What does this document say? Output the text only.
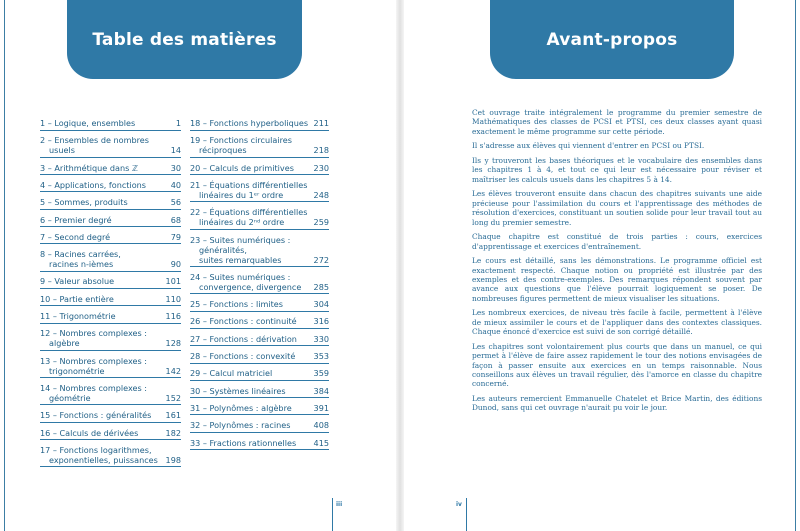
Table des matières
1 – Logique, ensembles	1
2 – Ensembles de nombres
usuels	14
3 – Arithmétique dans ℤ	30
4 – Applications, fonctions	40
5 – Sommes, produits	56
6 – Premier degré	68
7 – Second degré	79
8 – Racines carrées,
racines n-ièmes	90
9 – Valeur absolue	101
10 – Partie entière	110
11 – Trigonométrie	116
12 – Nombres complexes :
algèbre	128
13 – Nombres complexes :
trigonométrie	142
14 – Nombres complexes :
géométrie	152
15 – Fonctions : généralités 161
16 – Calculs de dérivées	182
17 – Fonctions logarithmes,
exponentielles, puissances 198
18 – Fonctions hyperboliques 211
19 – Fonctions circulaires
réciproques	218
20 – Calculs de primitives 230
21 – Équations différentielles
linéaires du 1ᵉʳ ordre	248
22 – Équations différentielles
linéaires du 2ⁿᵈ ordre	259
23 – Suites numériques :
généralités,
suites remarquables	272
24 – Suites numériques :
convergence, divergence 285
25 – Fonctions : limites	304
26 – Fonctions : continuité 316
27 – Fonctions : dérivation 330
28 – Fonctions : convexité 353
29 – Calcul matriciel	359
30 – Systèmes linéaires	384
31 – Polynômes : algèbre	391
32 – Polynômes : racines	408
33 – Fractions rationnelles 415
iii
Avant-propos

Cet ouvrage traite intégralement le programme du premier semestre de Mathématiques des classes de PCSI et PTSI, ces deux classes ayant quasi exactement le même programme sur cette période.

Il s'adresse aux élèves qui viennent d'entrer en PCSI ou PTSI.

Ils y trouveront les bases théoriques et le vocabulaire des ensembles dans les chapitres 1 à 4, et tout ce qui leur est nécessaire pour réviser et maîtriser les calculs usuels dans les chapitres 5 à 14.

Les élèves trouveront ensuite dans chacun des chapitres suivants une aide précieuse pour l'assimilation du cours et l'apprentissage des méthodes de résolution d'exercices, constituant un soutien solide pour leur travail tout au long du premier semestre.

Chaque chapitre est constitué de trois parties : cours, exercices d'apprentissage et exercices d'entraînement.

Le cours est détaillé, sans les démonstrations. Le programme officiel est exactement respecté. Chaque notion ou propriété est illustrée par des exemples et des contre-exemples. Des remarques répondent souvent par avance aux questions que l'élève pourrait logiquement se poser. De nombreuses figures permettent de mieux visualiser les situations.

Les nombreux exercices, de niveau très facile à facile, permettent à l'élève de mieux assimiler le cours et de l'appliquer dans des contextes classiques. Chaque énoncé d'exercice est suivi de son corrigé détaillé.

Les chapitres sont volontairement plus courts que dans un manuel, ce qui permet à l'élève de faire assez rapidement le tour des notions envisagées de façon à passer ensuite aux exercices en un temps raisonnable. Nous conseillons aux élèves un travail régulier, dès l'amorce en classe du chapitre concerné.

Les auteurs remercient Emmanuelle Chatelet et Brice Martin, des éditions Dunod, sans qui cet ouvrage n'aurait pu voir le jour.

iv
